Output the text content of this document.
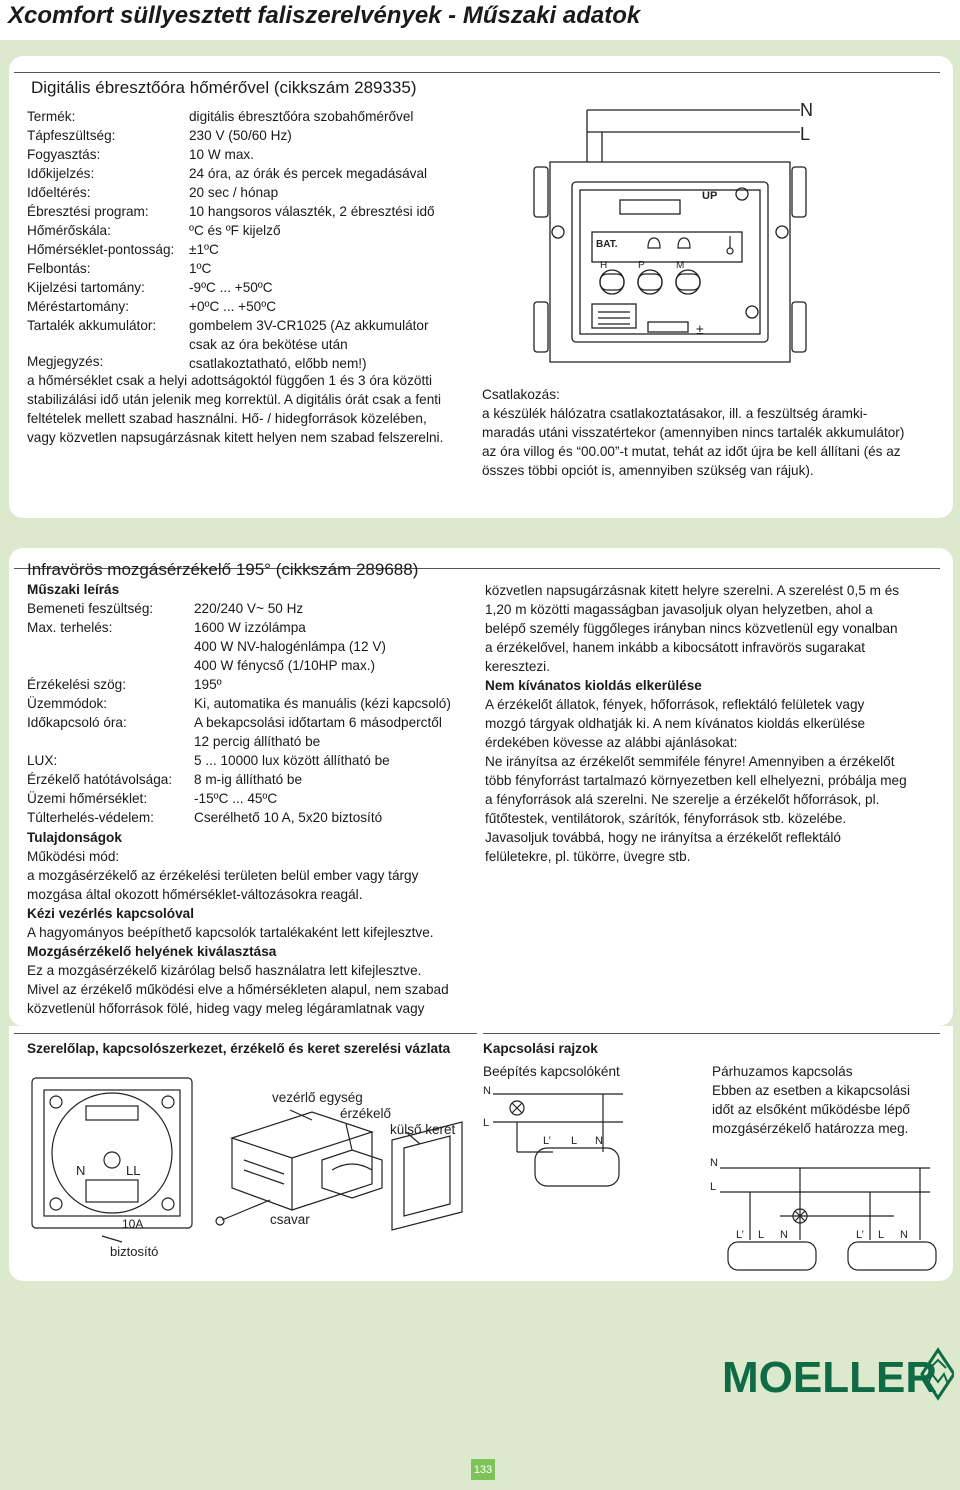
Xcomfort süllyesztett faliszerelvények - Műszaki adatok
Digitális ébresztőóra hőmérővel (cikkszám 289335)
Termék:	digitális ébresztőóra szobahőmérővel
Tápfeszültség:	230 V (50/60 Hz)
Fogyasztás:	10 W max.
Időkijelzés:	24 óra, az órák és percek megadásával
Időeltérés:	20 sec / hónap
Ébresztési program:	10 hangsoros választék, 2 ébresztési idő
Hőmérőskála:	ºC és ºF kijelző
Hőmérséklet-pontosság:	±1ºC
Felbontás:	1ºC
Kijelzési tartomány:	-9ºC ... +50ºC
Méréstartomány:	+0ºC ... +50ºC
Tartalék akkumulátor:	gombelem 3V-CR1025 (Az akkumulátor
csak az óra bekötése után
csatlakoztatható, előbb nem!)
Megjegyzés:
a hőmérséklet csak a helyi adottságoktól függően 1 és 3 óra közötti
stabilizálási idő után jelenik meg korrektül. A digitális órát csak a fenti
feltételek mellett szabad használni. Hő- / hidegforrások közelében,
vagy közvetlen napsugárzásnak kitett helyen nem szabad felszerelni.
Csatlakozás:
a készülék hálózatra csatlakoztatásakor, ill. a feszültség áramki-
maradás utáni visszatértekor (amennyiben nincs tartalék akkumulátor)
az óra villog és “00.00”-t mutat, tehát az időt újra be kell állítani (és az
összes többi opciót is, amennyiben szükség van rájuk).
N
L
UP
BAT.
H	P	M
±
Infravörös mozgásérzékelő 195° (cikkszám 289688)
Műszaki leírás
Bemeneti feszültség:	220/240 V~ 50 Hz
Max. terhelés:	1600 W izzólámpa
400 W NV-halogénlámpa (12 V)
400 W fénycső (1/10HP max.)
Érzékelési szög:	195º
Üzemmódok:	Ki, automatika és manuális (kézi kapcsoló)
Időkapcsoló óra:	A bekapcsolási időtartam 6 másodperctől
12 percig állítható be
LUX:	5 ... 10000 lux között állítható be
Érzékelő hatótávolsága:	8 m-ig állítható be
Üzemi hőmérséklet:	-15ºC ... 45ºC
Túlterhelés-védelem:	Cserélhető 10 A, 5x20 biztosító
Tulajdonságok
Működési mód:
a mozgásérzékelő az érzékelési területen belül ember vagy tárgy
mozgása által okozott hőmérséklet-változásokra reagál.
Kézi vezérlés kapcsolóval
A hagyományos beépíthető kapcsolók tartalékaként lett kifejlesztve.
Mozgásérzékelő helyének kiválasztása
Ez a mozgásérzékelő kizárólag belső használatra lett kifejlesztve.
Mivel az érzékelő működési elve a hőmérsékleten alapul, nem szabad
közvetlenül hőforrások fölé, hideg vagy meleg légáramlatnak vagy
közvetlen napsugárzásnak kitett helyre szerelni. A szerelést 0,5 m és
1,20 m közötti magasságban javasoljuk olyan helyzetben, ahol a
belépő személy függőleges irányban nincs közvetlenül egy vonalban
a érzékelővel, hanem inkább a kibocsátott infravörös sugarakat
keresztezi.
Nem kívánatos kioldás elkerülése
A érzékelőt állatok, fények, hőforrások, reflektáló felületek vagy
mozgó tárgyak oldhatják ki. A nem kívánatos kioldás elkerülése
érdekében kövesse az alábbi ajánlásokat:
Ne irányítsa az érzékelőt semmiféle fényre! Amennyiben a érzékelőt
több fényforrást tartalmazó környezetben kell elhelyezni, próbálja meg
a fényforrások alá szerelni. Ne szerelje a érzékelőt hőforrások, pl.
fűtőtestek, ventilátorok, szárítók, fényforrások stb. közelébe.
Javasoljuk továbbá, hogy ne irányítsa a érzékelőt reflektáló
felületekre, pl. tükörre, üvegre stb.
Szerelőlap, kapcsolószerkezet, érzékelő és keret szerelési vázlata Kapcsolási rajzok
vezérlő egység
érzékelő
külső keret
csavar
N	LL
10A
biztosító
Beépítés kapcsolóként
N
L
L’ L N
Párhuzamos kapcsolás
Ebben az esetben a kikapcsolási
időt az elsőként működésbe lépő
mozgásérzékelő határozza meg.
N
L
L’ L N	L’ L N
MOELLER
133
